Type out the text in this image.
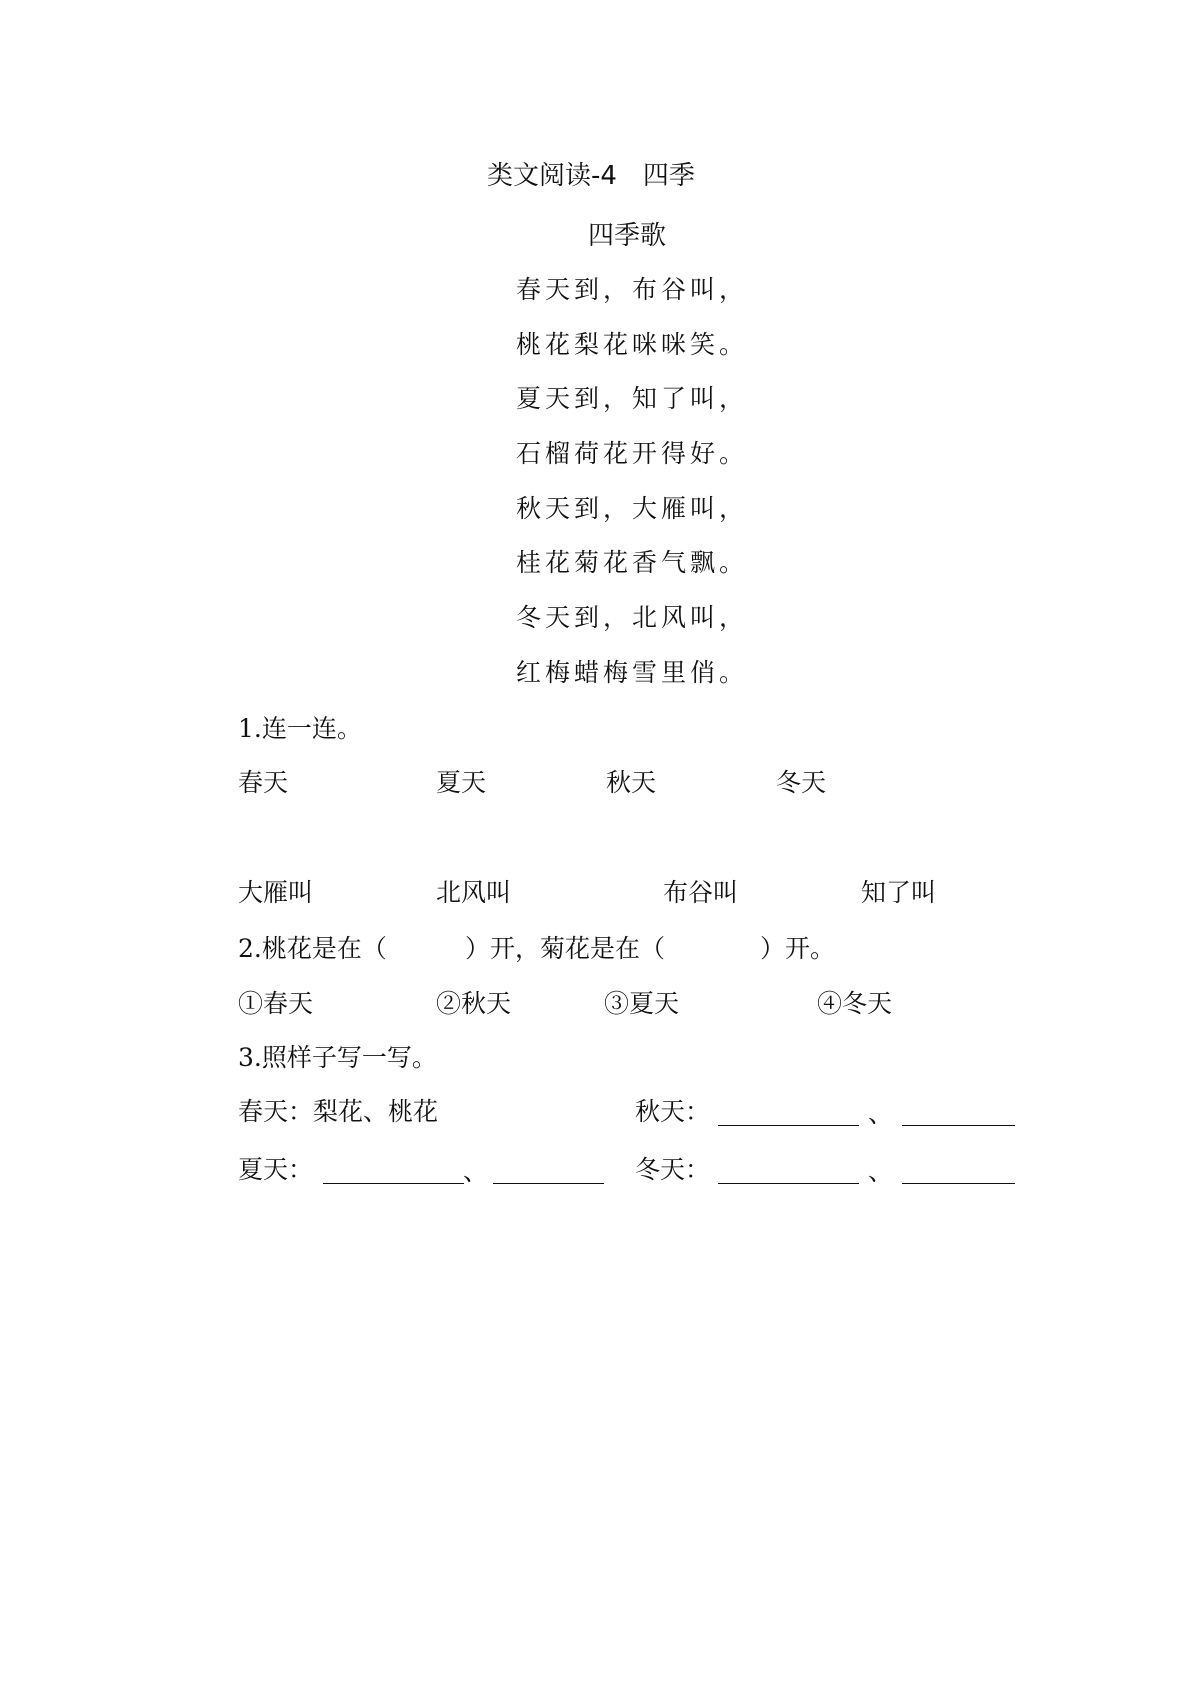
类文阅读-4　四季
四季歌
春天到，布谷叫，
桃花梨花咪咪笑。
夏天到，知了叫，
石榴荷花开得好。
秋天到，大雁叫，
桂花菊花香气飘。
冬天到，北风叫，
红梅蜡梅雪里俏。
1.连一连。
春天	夏天	秋天	冬天
大雁叫	北风叫	布谷叫	知了叫
2.桃花是在（	）开，菊花是在（	）开。
①春天	②秋天	③夏天	④冬天
3.照样子写一写。
春天：梨花、桃花	秋天：	、
夏天：	、	冬天：	、
